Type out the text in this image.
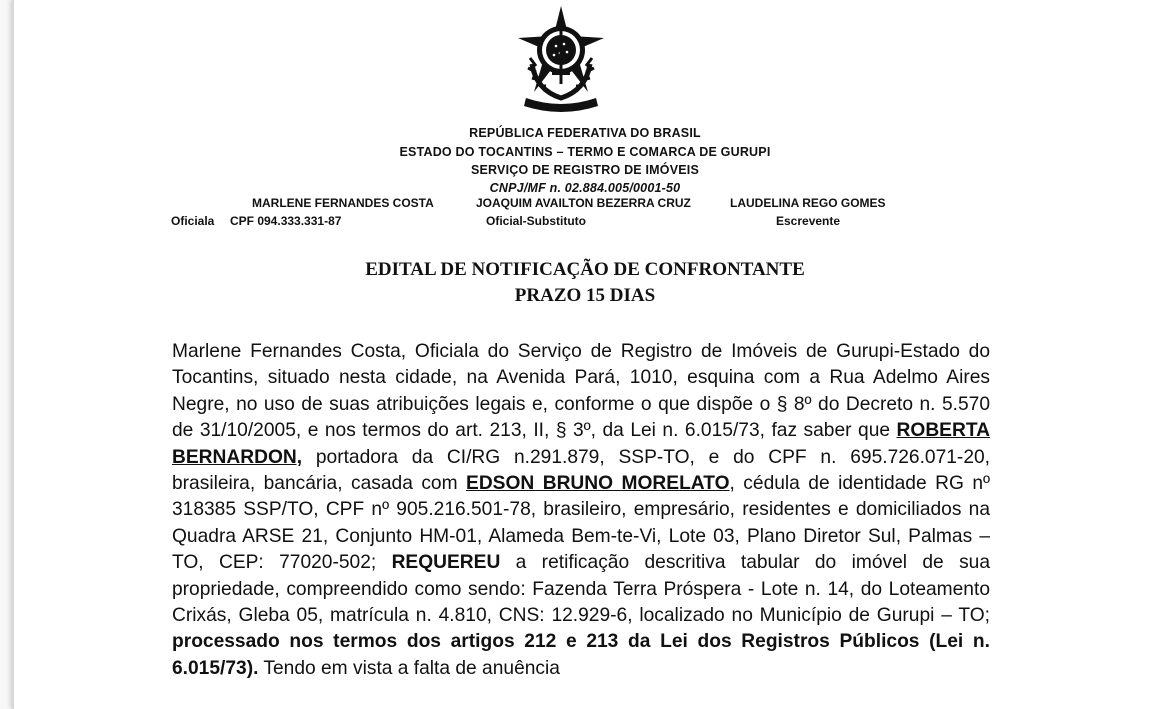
REPÚBLICA FEDERATIVA DO BRASIL
ESTADO DO TOCANTINS – TERMO E COMARCA DE GURUPI
SERVIÇO DE REGISTRO DE IMÓVEIS
CNPJ/MF n. 02.884.005/0001-50
MARLENE FERNANDES COSTA	JOAQUIM AVAILTON BEZERRA CRUZ	LAUDELINA REGO GOMES
Oficiala CPF 094.333.331-87	Oficial-Substituto	Escrevente
EDITAL DE NOTIFICAÇÃO DE CONFRONTANTE
PRAZO 15 DIAS

Marlene Fernandes Costa, Oficiala do Serviço de Registro de Imóveis de Gurupi-Estado do Tocantins, situado nesta cidade, na Avenida Pará, 1010, esquina com a Rua Adelmo Aires Negre, no uso de suas atribuições legais e, conforme o que dispõe o § 8º do Decreto n. 5.570 de 31/10/2005, e nos termos do art. 213, II, § 3º, da Lei n. 6.015/73, faz saber que ROBERTA BERNARDON, portadora da CI/RG n.291.879, SSP-TO, e do CPF n. 695.726.071-20, brasileira, bancária, casada com EDSON BRUNO MORELATO, cédula de identidade RG nº 318385 SSP/TO, CPF nº 905.216.501-78, brasileiro, empresário, residentes e domiciliados na Quadra ARSE 21, Conjunto HM-01, Alameda Bem-te-Vi, Lote 03, Plano Diretor Sul, Palmas – TO, CEP: 77020-502; REQUEREU a retificação descritiva tabular do imóvel de sua propriedade, compreendido como sendo: Fazenda Terra Próspera - Lote n. 14, do Loteamento Crixás, Gleba 05, matrícula n. 4.810, CNS: 12.929-6, localizado no Município de Gurupi – TO; processado nos termos dos artigos 212 e 213 da Lei dos Registros Públicos (Lei n. 6.015/73). Tendo em vista a falta de anuência
